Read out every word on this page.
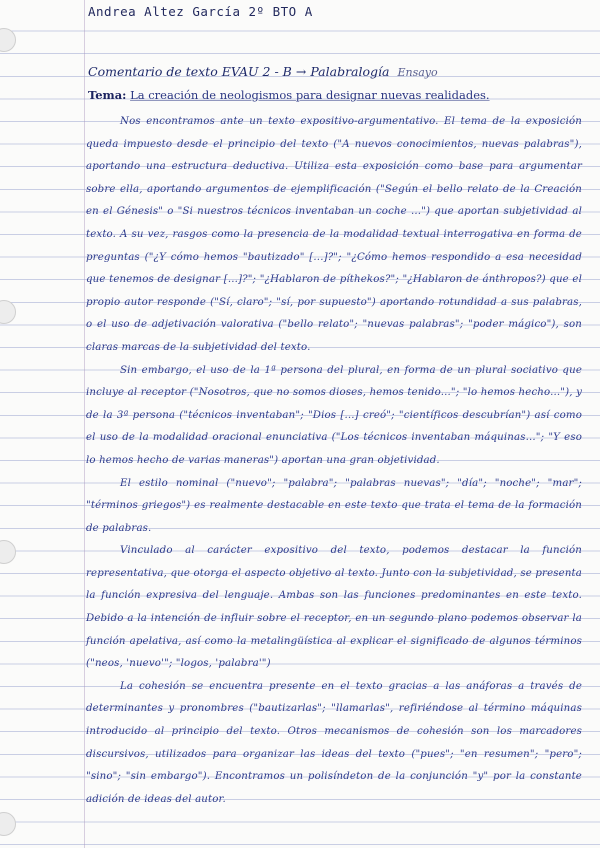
Andrea Altez García 2º BTO A
Comentario de texto EVAU 2 - B → Palabralogía Ensayo
Tema: La creación de neologismos para designar nuevas realidades.

Nos encontramos ante un texto expositivo-argumentativo. El tema de la exposición queda impuesto desde el principio del texto ("A nuevos conocimientos, nuevas palabras"), aportando una estructura deductiva. Utiliza esta exposición como base para argumentar sobre ella, aportando argumentos de ejemplificación ("Según el bello relato de la Creación en el Génesis" o "Si nuestros técnicos inventaban un coche ...") que aportan subjetividad al texto. A su vez, rasgos como la presencia de la modalidad textual interrogativa en forma de preguntas ("¿Y cómo hemos "bautizado" [...]?"; "¿Cómo hemos respondido a esa necesidad que tenemos de designar [...]?"; "¿Hablaron de píthekos?"; "¿Hablaron de ánthropos?) que el propio autor responde ("Sí, claro"; "sí, por supuesto") aportando rotundidad a sus palabras, o el uso de adjetivación valorativa ("bello relato"; "nuevas palabras"; "poder mágico"), son claras marcas de la subjetividad del texto.

Sin embargo, el uso de la 1ª persona del plural, en forma de un plural sociativo que incluye al receptor ("Nosotros, que no somos dioses, hemos tenido..."; "lo hemos hecho..."), y de la 3ª persona ("técnicos inventaban"; "Dios [...] creó"; "científicos descubrían") así como el uso de la modalidad oracional enunciativa ("Los técnicos inventaban máquinas..."; "Y eso lo hemos hecho de varias maneras") aportan una gran objetividad.

El estilo nominal ("nuevo"; "palabra"; "palabras nuevas"; "día"; "noche"; "mar"; "términos griegos") es realmente destacable en este texto que trata el tema de la formación de palabras.

Vinculado al carácter expositivo del texto, podemos destacar la función representativa, que otorga el aspecto objetivo al texto. Junto con la subjetividad, se presenta la función expresiva del lenguaje. Ambas son las funciones predominantes en este texto. Debido a la intención de influir sobre el receptor, en un segundo plano podemos observar la función apelativa, así como la metalingüística al explicar el significado de algunos términos ("neos, 'nuevo'"; "logos, 'palabra'")

La cohesión se encuentra presente en el texto gracias a las anáforas a través de determinantes y pronombres ("bautizarlas"; "llamarlas", refiriéndose al término máquinas introducido al principio del texto. Otros mecanismos de cohesión son los marcadores discursivos, utilizados para organizar las ideas del texto ("pues"; "en resumen"; "pero"; "sino"; "sin embargo"). Encontramos un polisíndeton de la conjunción "y" por la constante adición de ideas del autor.
